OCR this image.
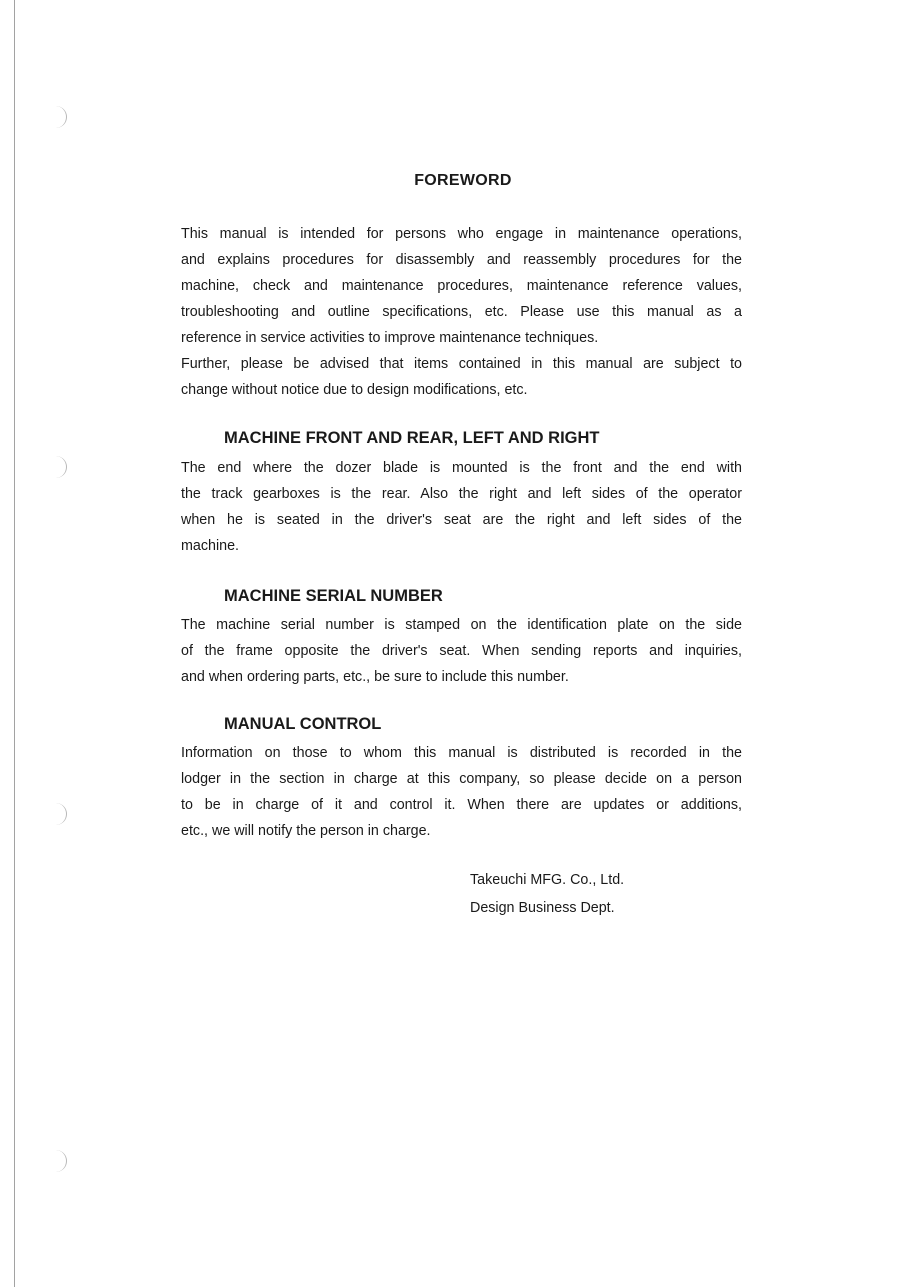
FOREWORD
This manual is intended for persons who engage in maintenance operations,
and explains procedures for disassembly and reassembly procedures for the
machine, check and maintenance procedures, maintenance reference values,
troubleshooting and outline specifications, etc. Please use this manual as a
reference in service activities to improve maintenance techniques.
Further, please be advised that items contained in this manual are subject to
change without notice due to design modifications, etc.
MACHINE FRONT AND REAR, LEFT AND RIGHT
The end where the dozer blade is mounted is the front and the end with
the track gearboxes is the rear. Also the right and left sides of the operator
when he is seated in the driver's seat are the right and left sides of the
machine.
MACHINE SERIAL NUMBER
The machine serial number is stamped on the identification plate on the side
of the frame opposite the driver's seat. When sending reports and inquiries,
and when ordering parts, etc., be sure to include this number.
MANUAL CONTROL
Information on those to whom this manual is distributed is recorded in the
lodger in the section in charge at this company, so please decide on a person
to be in charge of it and control it. When there are updates or additions,
etc., we will notify the person in charge.
Takeuchi MFG. Co., Ltd.
Design Business Dept.
